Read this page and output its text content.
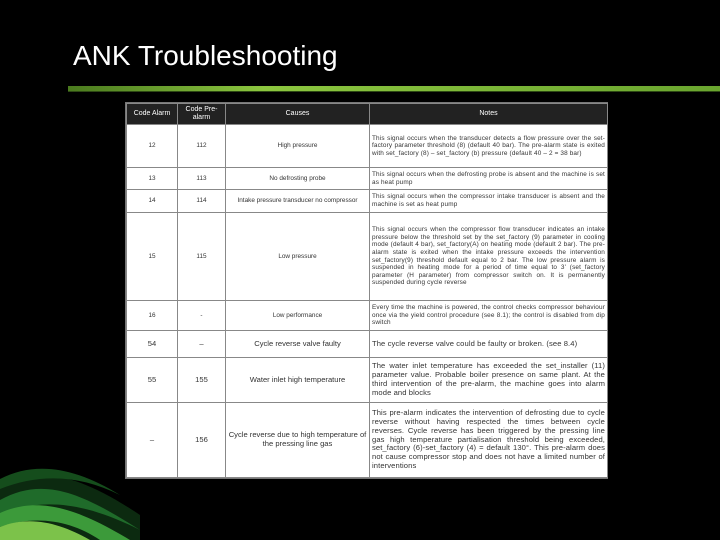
ANK Troubleshooting
Code Alarm	Code Pre-alarm	Causes	Notes
12	112	High pressure	This signal occurs when the transducer detects a flow pressure over the set-factory parameter threshold (8) (default 40 bar). The pre-alarm state is exited with set_factory (8) – set_factory (b) pressure (default 40 – 2 = 38 bar)
13	113	No defrosting probe	This signal occurs when the defrosting probe is absent and the machine is set as heat pump
14	114	Intake pressure transducer no compressor	This signal occurs when the compressor intake transducer is absent and the machine is set as heat pump
15	115	Low pressure	This signal occurs when the compressor flow transducer indicates an intake pressure below the threshold set by the set_factory (9) parameter in cooling mode (default 4 bar), set_factory(A) on heating mode (default 2 bar). The pre-alarm state is exited when the intake pressure exceeds the intervention set_factory(9) threshold default equal to 2 bar. The low pressure alarm is suspended in heating mode for a period of time equal to 3' (set_factory parameter (H parameter) from compressor switch on. It is permanently suspended during cycle reverse
16	-	Low performance	Every time the machine is powered, the control checks compressor behaviour once via the yield control procedure (see 8.1); the control is disabled from dip switch
54	–	Cycle reverse valve faulty	The cycle reverse valve could be faulty or broken. (see 8.4)
55	155	Water inlet high temperature	The water inlet temperature has exceeded the set_installer (11) parameter value. Probable boiler presence on same plant. At the third intervention of the pre-alarm, the machine goes into alarm mode and blocks
–	156	Cycle reverse due to high temperature of the pressing line gas	This pre-alarm indicates the intervention of defrosting due to cycle reverse without having respected the times between cycle reverses. Cycle reverse has been triggered by the pressing line gas high temperature partialisation threshold being exceeded, set_factory (6)-set_factory (4) = default 130°. This pre-alarm does not cause compressor stop and does not have a limited number of interventions
